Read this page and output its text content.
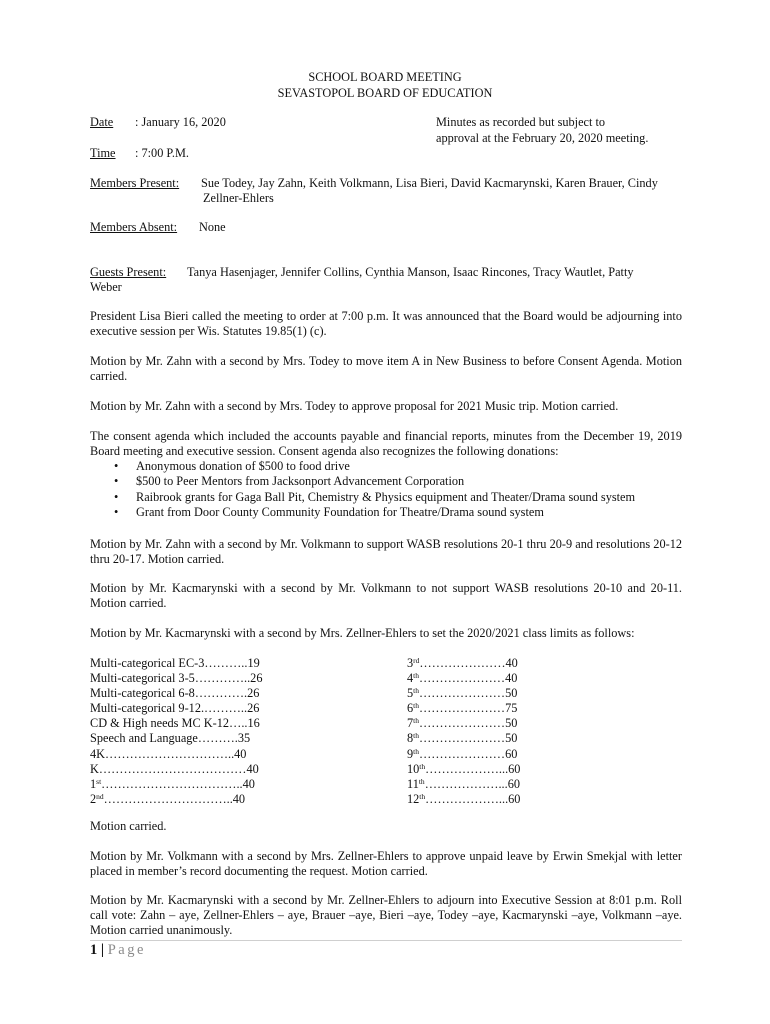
SCHOOL BOARD MEETING
SEVASTOPOL BOARD OF EDUCATION
Date : January 16, 2020	Minutes as recorded but subject to
approval at the February 20, 2020 meeting.
Time : 7:00 P.M.
Members Present: Sue Todey, Jay Zahn, Keith Volkmann, Lisa Bieri, David Kacmarynski, Karen Brauer, Cindy
Zellner-Ehlers
Members Absent: None
Guests Present: Tanya Hasenjager, Jennifer Collins, Cynthia Manson, Isaac Rincones, Tracy Wautlet, Patty
Weber
President Lisa Bieri called the meeting to order at 7:00 p.m. It was announced that the Board would be adjourning into executive session per Wis. Statutes 19.85(1) (c).
Motion by Mr. Zahn with a second by Mrs. Todey to move item A in New Business to before Consent Agenda. Motion carried.
Motion by Mr. Zahn with a second by Mrs. Todey to approve proposal for 2021 Music trip. Motion carried.
The consent agenda which included the accounts payable and financial reports, minutes from the December 19, 2019 Board meeting and executive session. Consent agenda also recognizes the following donations:
• Anonymous donation of $500 to food drive
• $500 to Peer Mentors from Jacksonport Advancement Corporation
• Raibrook grants for Gaga Ball Pit, Chemistry & Physics equipment and Theater/Drama sound system
• Grant from Door County Community Foundation for Theatre/Drama sound system
Motion by Mr. Zahn with a second by Mr. Volkmann to support WASB resolutions 20-1 thru 20-9 and resolutions 20-12 thru 20-17. Motion carried.
Motion by Mr. Kacmarynski with a second by Mr. Volkmann to not support WASB resolutions 20-10 and 20-11. Motion carried.
Motion by Mr. Kacmarynski with a second by Mrs. Zellner-Ehlers to set the 2020/2021 class limits as follows:
Multi-categorical EC-3………..19
Multi-categorical 3-5…………..26
Multi-categorical 6-8………….26
Multi-categorical 9-12.………..26
CD & High needs MC K-12…..16
Speech and Language……….35
4K…………………………..40
K………………………………40
1st……………………………..40
2nd…………………………..40
3rd…………………40
4th…………………40
5th…………………50
6th…………………75
7th…………………50
8th…………………50
9th…………………60
10th………………...60
11th………………...60
12th………………...60
Motion carried.
Motion by Mr. Volkmann with a second by Mrs. Zellner-Ehlers to approve unpaid leave by Erwin Smekjal with letter placed in member’s record documenting the request. Motion carried.
Motion by Mr. Kacmarynski with a second by Mr. Zellner-Ehlers to adjourn into Executive Session at 8:01 p.m. Roll call vote: Zahn – aye, Zellner-Ehlers – aye, Brauer –aye, Bieri –aye, Todey –aye, Kacmarynski –aye, Volkmann –aye. Motion carried unanimously.
1 | Page
